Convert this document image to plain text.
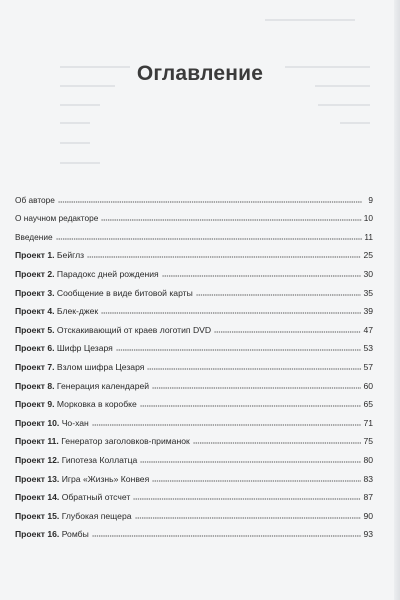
Оглавление
Об авторе	9
О научном редакторе	10
Введение	11
Проект 1. Бейглз	25
Проект 2. Парадокс дней рождения	30
Проект 3. Сообщение в виде битовой карты	35
Проект 4. Блек-джек	39
Проект 5. Отскакивающий от краев логотип DVD	47
Проект 6. Шифр Цезаря	53
Проект 7. Взлом шифра Цезаря	57
Проект 8. Генерация календарей	60
Проект 9. Морковка в коробке	65
Проект 10. Чо-хан	71
Проект 11. Генератор заголовков-приманок	75
Проект 12. Гипотеза Коллатца	80
Проект 13. Игра «Жизнь» Конвея	83
Проект 14. Обратный отсчет	87
Проект 15. Глубокая пещера	90
Проект 16. Ромбы	93
